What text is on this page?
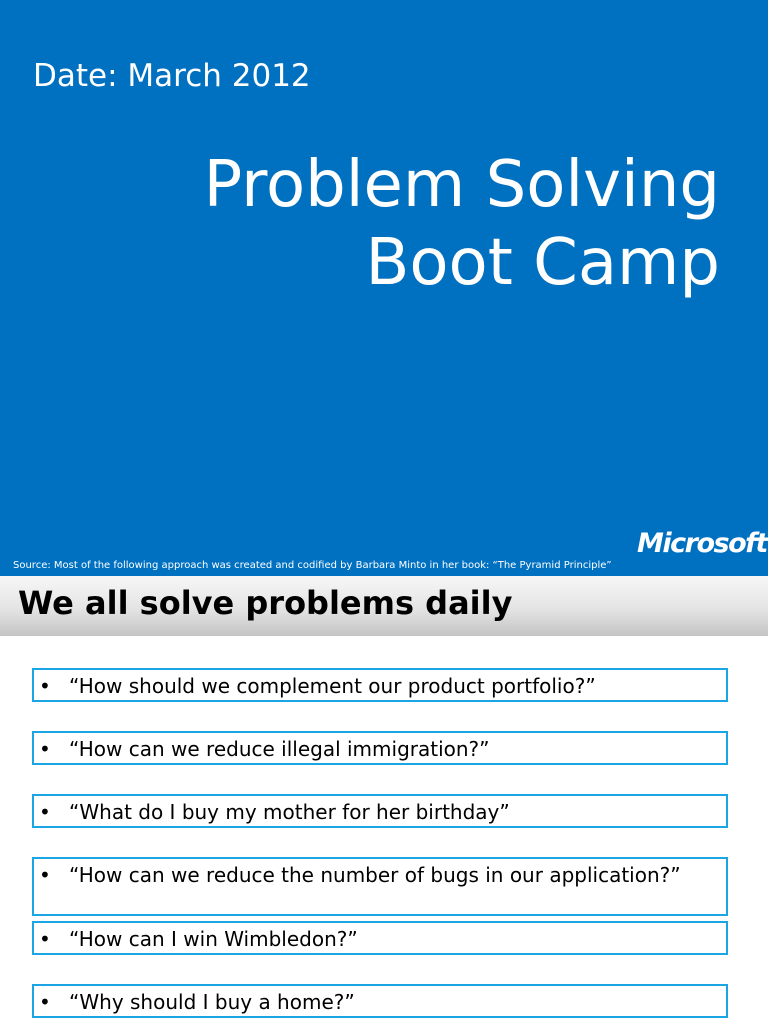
Date: March 2012
Problem Solving
Boot Camp
Microsoft
Source: Most of the following approach was created and codified by Barbara Minto in her book: “The Pyramid Principle”
We all solve problems daily
• “How should we complement our product portfolio?”
• “How can we reduce illegal immigration?”
• “What do I buy my mother for her birthday”
• “How can we reduce the number of bugs in our application?”
• “How can I win Wimbledon?”
• “Why should I buy a home?”
